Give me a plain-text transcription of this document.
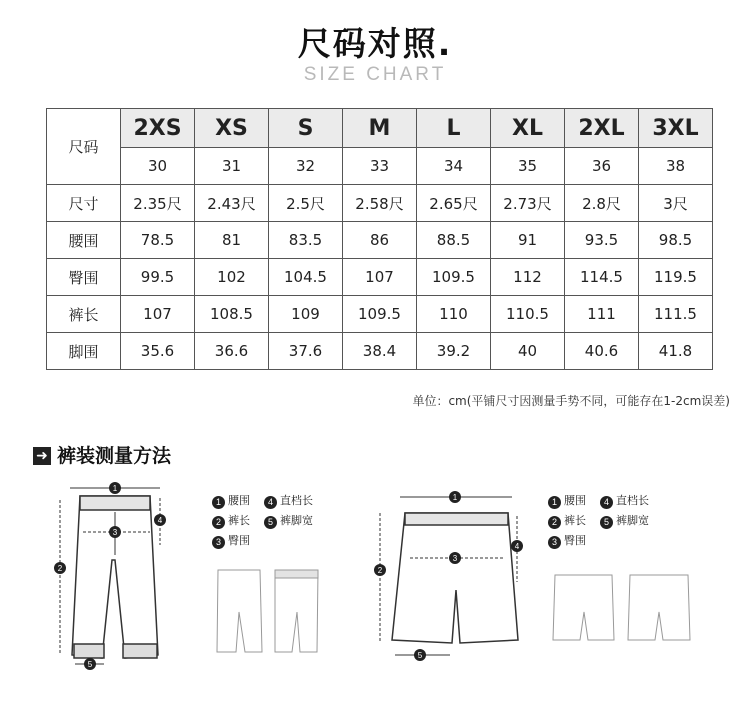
尺码对照.
SIZE CHART
尺码	2XS	XS	S	M	L	XL	2XL	3XL
	30	31	32	33	34	35	36	38
尺寸	2.35尺	2.43尺	2.5尺	2.58尺	2.65尺	2.73尺	2.8尺	3尺
腰围	78.5	81	83.5	86	88.5	91	93.5	98.5
臀围	99.5	102	104.5	107	109.5	112	114.5	119.5
裤长	107	108.5	109	109.5	110	110.5	111	111.5
脚围	35.6	36.6	37.6	38.4	39.2	40	40.6	41.8
单位：cm(平铺尺寸因测量手势不同，可能存在1-2cm误差)
➜ 裤装测量方法
1
2
3
4
5
1
2
3
4
5
1 腰围	4 直档长
2 裤长	5 裤脚宽
3 臀围
1 腰围	4 直档长
2 裤长	5 裤脚宽
3 臀围
